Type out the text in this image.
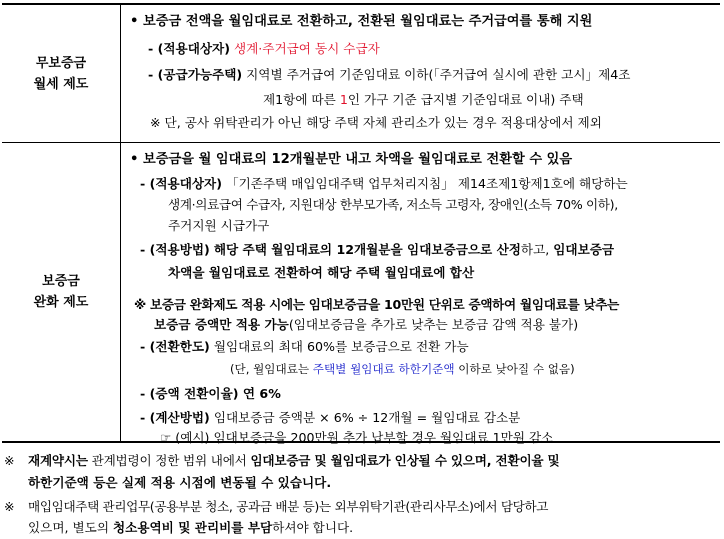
무보증금
월세 제도
• 보증금 전액을 월임대료로 전환하고, 전환된 월임대료는 주거급여를 통해 지원
- (적용대상자) 생계·주거급여 동시 수급자
- (공급가능주택) 지역별 주거급여 기준임대료 이하(「주거급여 실시에 관한 고시」제4조
제1항에 따른 1인 가구 기준 급지별 기준임대료 이내) 주택
※ 단, 공사 위탁관리가 아닌 해당 주택 자체 관리소가 있는 경우 적용대상에서 제외
보증금
완화 제도
• 보증금을 월 임대료의 12개월분만 내고 차액을 월임대료로 전환할 수 있음
- (적용대상자) 「기존주택 매입임대주택 업무처리지침」 제14조제1항제1호에 해당하는
생계·의료급여 수급자, 지원대상 한부모가족, 저소득 고령자, 장애인(소득 70% 이하),
주거지원 시급가구
- (적용방법) 해당 주택 월임대료의 12개월분을 임대보증금으로 산정하고, 임대보증금
차액을 월임대료로 전환하여 해당 주택 월임대료에 합산
※ 보증금 완화제도 적용 시에는 임대보증금을 10만원 단위로 증액하여 월임대료를 낮추는
보증금 증액만 적용 가능(임대보증금을 추가로 낮추는 보증금 감액 적용 불가)
- (전환한도) 월임대료의 최대 60%를 보증금으로 전환 가능
(단, 월임대료는 주택별 월임대료 하한기준액 이하로 낮아질 수 없음)
- (증액 전환이율) 연 6%
- (계산방법) 임대보증금 증액분 × 6% ÷ 12개월 = 월임대료 감소분
☞ (예시) 임대보증금을 200만원 추가 납부할 경우 월임대료 1만원 감소
※ 재계약시는 관계법령이 정한 범위 내에서 임대보증금 및 월임대료가 인상될 수 있으며, 전환이율 및
하한기준액 등은 실제 적용 시점에 변동될 수 있습니다.
※ 매입임대주택 관리업무(공용부분 청소, 공과금 배분 등)는 외부위탁기관(관리사무소)에서 담당하고
있으며, 별도의 청소용역비 및 관리비를 부담하셔야 합니다.
